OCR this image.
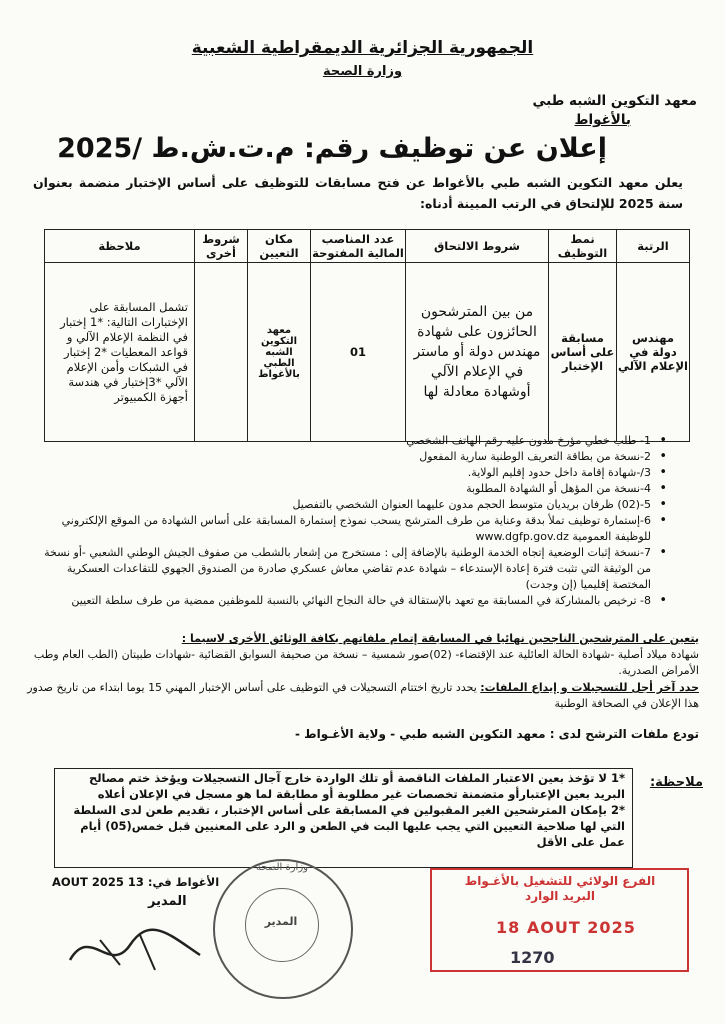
الجمهورية الجزائرية الديمقراطية الشعبية
وزارة الصحة
معهد التكوين الشبه طبي
بالأغواط
إعلان عن توظيف رقم: م.ت.ش.ط /2025
يعلن معهد التكوين الشبه طبي بالأغواط عن فتح مسابقات للتوظيف على أساس الإختبار منضمة بعنوان سنة 2025 للإلتحاق في الرتب المبينة أدناه:
الرتبة	نمط التوظيف	شروط الالتحاق	عدد المناصب المالية المفتوحة	مكان التعيين	شروط أخرى	ملاحظة
مهندس دولة في الإعلام الآلي	مسابقة على أساس الإختبار	من بين المترشحون الحائزون على شهادة مهندس دولة أو ماستر في الإعلام الآلي أوشهادة معادلة لها	01	معهد التكوين الشبه الطبي بالأغواط		تشمل المسابقة على الإختبارات التالية: *1 إختبار في النظمة الإعلام الآلي و قواعد المعطيات *2 إختبار في الشبكات وأمن الإعلام الآلي *3إختبار في هندسة أجهزة الكمبيوتر
• 1- طلب خطي مؤرخ مدون عليه رقم الهاتف الشخصي
• 2-نسخة من بطاقة التعريف الوطنية سارية المفعول
• 3/-شهادة إقامة داخل حدود إقليم الولاية.
• 4-نسخة من المؤهل أو الشهادة المطلوبة
• 5-(02) ظرفان بريديان متوسط الحجم مدون عليهما العنوان الشخصي بالتفصيل
• 6-إستمارة توظيف تملأ بدقة وعناية من طرف المترشح يسحب نموذج إستمارة المسابقة على أساس الشهادة من الموقع الإلكتروني للوظيفة العمومية www.dgfp.gov.dz
• 7-نسخة إثبات الوضعية إتجاه الخدمة الوطنية بالإضافة إلى : مستخرج من إشعار بالشطب من صفوف الجيش الوطني الشعبي -أو نسخة من الوثيقة التي تثبت فترة إعادة الإستدعاء – شهادة عدم تقاضي معاش عسكري صادرة من الصندوق الجهوي للتقاعدات العسكرية المختصة إقليميا (إن وجدت)
• 8- ترخيص بالمشاركة في المسابقة مع تعهد بالإستقالة في حالة النجاح النهائي بالنسبة للموظفين ممضية من طرف سلطة التعيين
يتعين على المترشحين الناجحين نهائيا في المسابقة إتمام ملفاتهم بكافة الوثائق الأخرى لاسيما :
شهادة ميلاد أصلية -شهادة الحالة العائلية عند الإقتضاء- (02)صور شمسية – نسخة من صحيفة السوابق القضائية -شهادات طبيتان (الطب العام وطب الأمراض الصدرية.
حدد آخر أجل للتسجيلات و إيداع الملفات: يحدد تاريخ اختتام التسجيلات في التوظيف على أساس الإختبار المهني 15 يوما ابتداء من تاريخ صدور هذا الإعلان في الصحافة الوطنية
تودع ملفات الترشح لدى : معهد التكوين الشبه طبي - ولاية الأغـواط -
ملاحظة:
*1 لا تؤخذ بعين الاعتبار الملفات الناقصة أو تلك الواردة خارج آجال التسجيلات ويؤخذ ختم مصالح البريد بعين الإعتبارأو متضمنة تخصصات غير مطلوبة أو مطابقة لما هو مسجل في الإعلان أعلاه
*2 بإمكان المترشحين الغير المقبولين في المسابقة على أساس الإختبار ، تقديم طعن لدى السلطة التي لها صلاحية التعيين التي يجب عليها البت في الطعن و الرد على المعنيين قبل خمس(05) أيام عمل على الأقل
الأغواط في: 13 AOUT 2025
المدير
وزارة الصحة
المدير
الفرع الولائي للتشغيل بالأغـواط
البريد الوارد
18 AOUT 2025
1270
